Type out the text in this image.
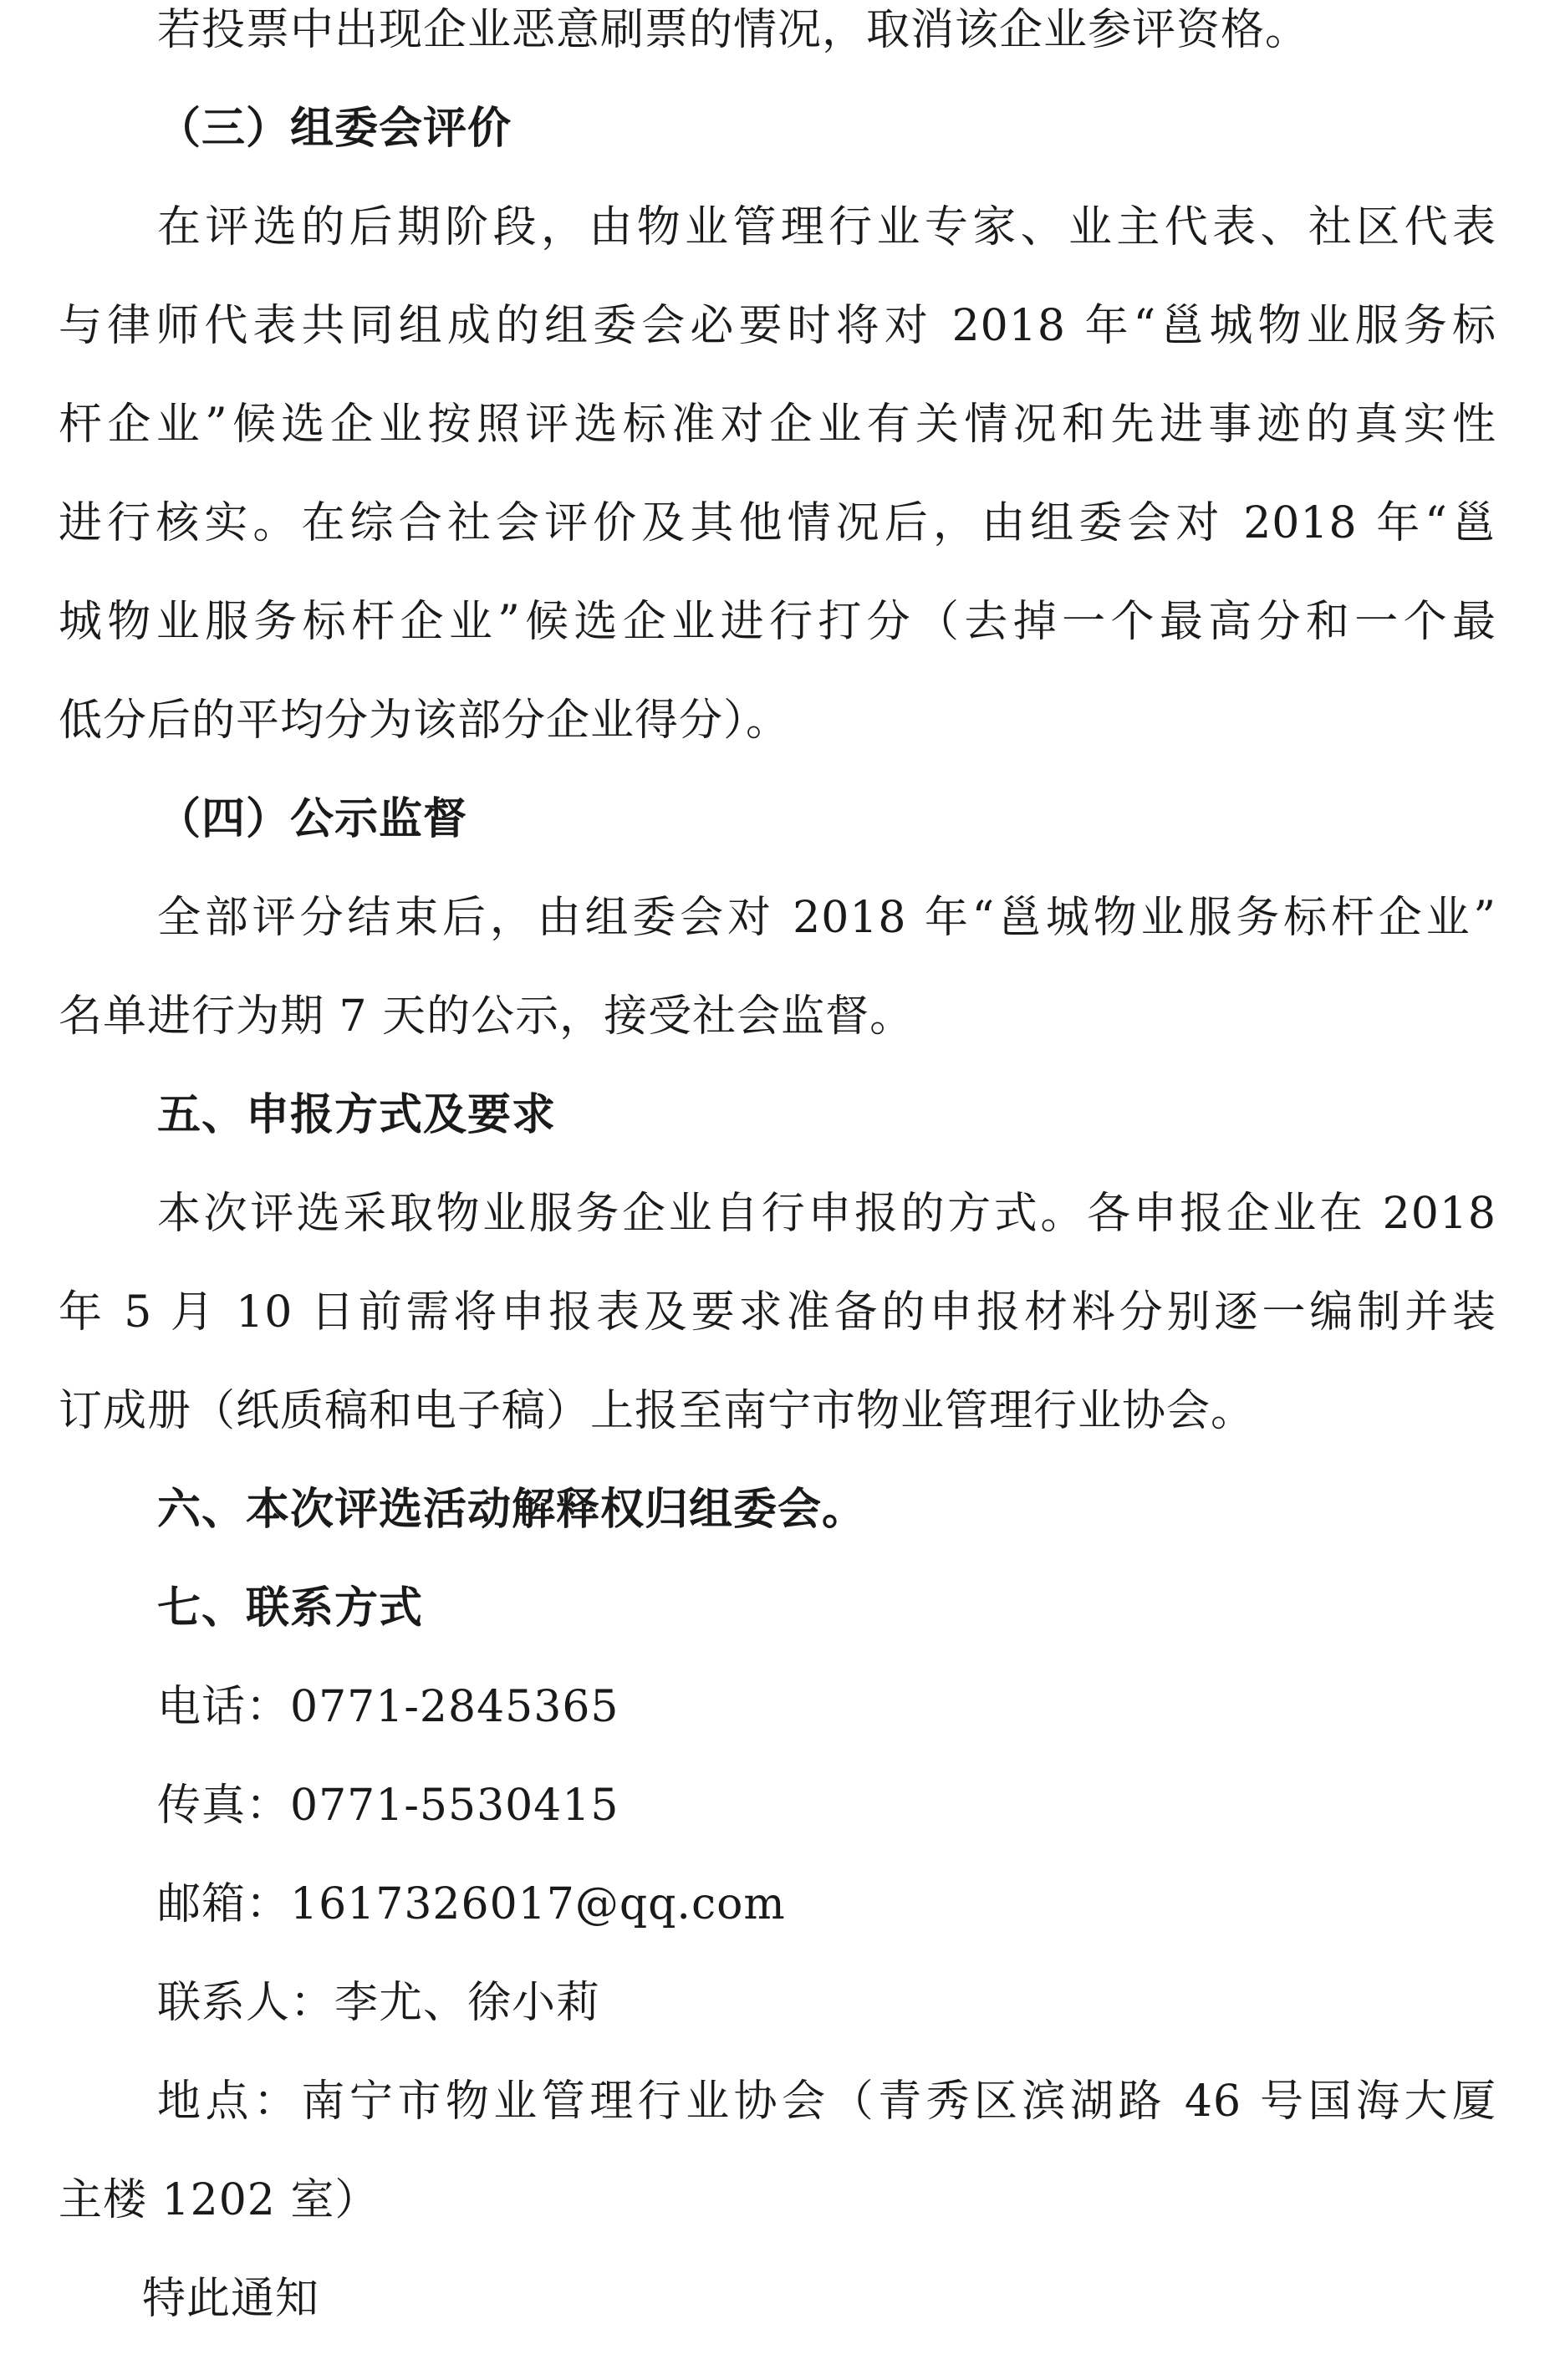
若投票中出现企业恶意刷票的情况，取消该企业参评资格。
（三）组委会评价
在评选的后期阶段，由物业管理行业专家、业主代表、社区代表
与律师代表共同组成的组委会必要时将对 2018 年“邕城物业服务标
杆企业”候选企业按照评选标准对企业有关情况和先进事迹的真实性
进行核实。在综合社会评价及其他情况后，由组委会对 2018 年“邕
城物业服务标杆企业”候选企业进行打分（去掉一个最高分和一个最
低分后的平均分为该部分企业得分）。
（四）公示监督
全部评分结束后，由组委会对 2018 年“邕城物业服务标杆企业”
名单进行为期 7 天的公示，接受社会监督。
五、申报方式及要求
本次评选采取物业服务企业自行申报的方式。各申报企业在 2018
年 5 月 10 日前需将申报表及要求准备的申报材料分别逐一编制并装
订成册（纸质稿和电子稿）上报至南宁市物业管理行业协会。
六、本次评选活动解释权归组委会。
七、联系方式
电话：0771-2845365
传真：0771-5530415
邮箱：1617326017@qq.com
联系人：李尤、徐小莉
地点：南宁市物业管理行业协会（青秀区滨湖路 46 号国海大厦
主楼 1202 室）
特此通知
